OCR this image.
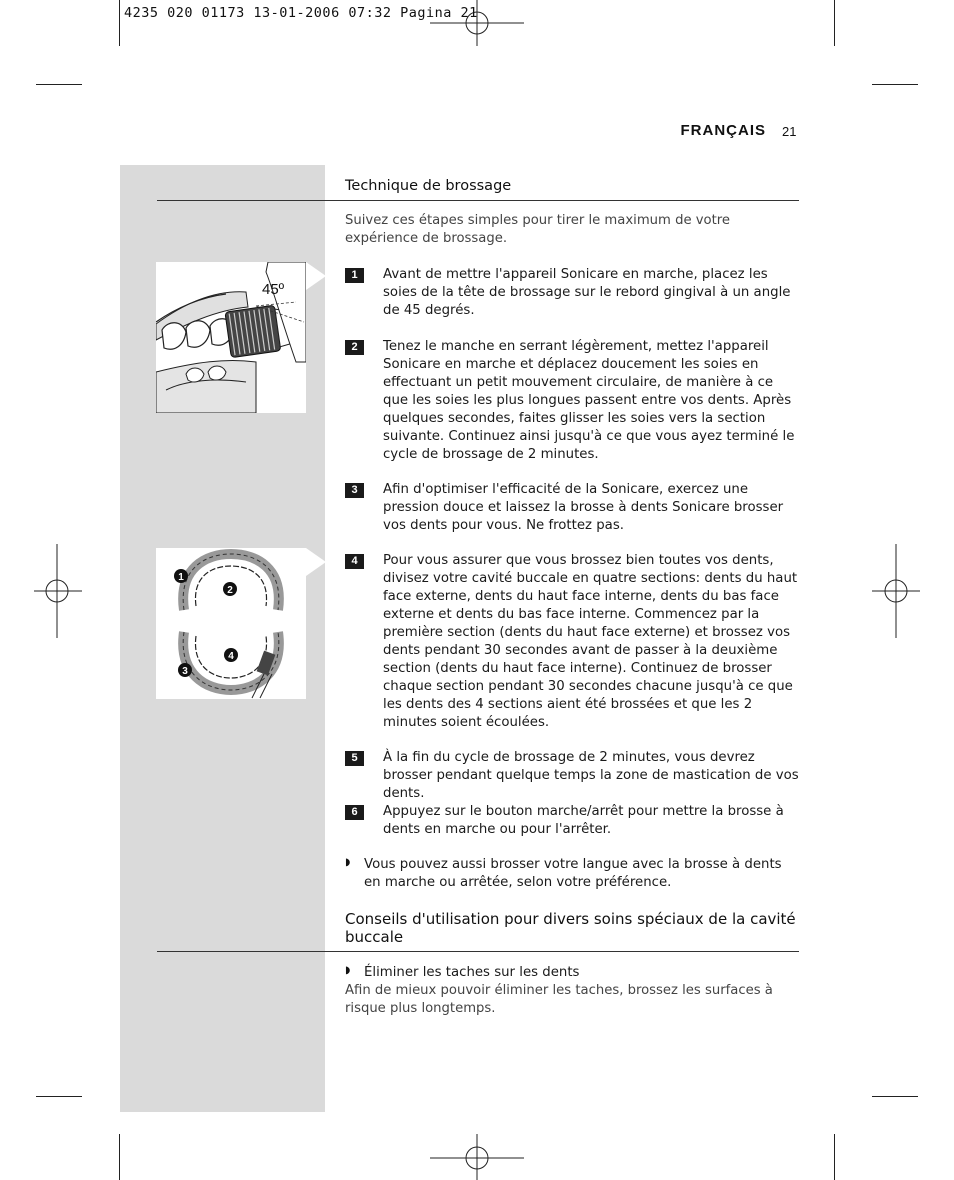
4235 020 01173 13-01-2006 07:32 Pagina 21
FRANÇAIS 21
Technique de brossage
Suivez ces étapes simples pour tirer le maximum de votre expérience de brossage.
45º
1
2
3
4
1	Avant de mettre l'appareil Sonicare en marche, placez les soies de la tête de brossage sur le rebord gingival à un angle de 45 degrés.
2	Tenez le manche en serrant légèrement, mettez l'appareil Sonicare en marche et déplacez doucement les soies en effectuant un petit mouvement circulaire, de manière à ce que les soies les plus longues passent entre vos dents. Après quelques secondes, faites glisser les soies vers la section suivante. Continuez ainsi jusqu'à ce que vous ayez terminé le cycle de brossage de 2 minutes.
3	Afin d'optimiser l'efficacité de la Sonicare, exercez une pression douce et laissez la brosse à dents Sonicare brosser vos dents pour vous. Ne frottez pas.
4	Pour vous assurer que vous brossez bien toutes vos dents, divisez votre cavité buccale en quatre sections: dents du haut face externe, dents du haut face interne, dents du bas face externe et dents du bas face interne. Commencez par la première section (dents du haut face externe) et brossez vos dents pendant 30 secondes avant de passer à la deuxième section (dents du haut face interne). Continuez de brosser chaque section pendant 30 secondes chacune jusqu'à ce que les dents des 4 sections aient été brossées et que les 2 minutes soient écoulées.
5	À la fin du cycle de brossage de 2 minutes, vous devrez brosser pendant quelque temps la zone de mastication de vos dents.
6	Appuyez sur le bouton marche/arrêt pour mettre la brosse à dents en marche ou pour l'arrêter.
◗ Vous pouvez aussi brosser votre langue avec la brosse à dents en marche ou arrêtée, selon votre préférence.
Conseils d'utilisation pour divers soins spéciaux de la cavité buccale
◗ Éliminer les taches sur les dents
Afin de mieux pouvoir éliminer les taches, brossez les surfaces à risque plus longtemps.
